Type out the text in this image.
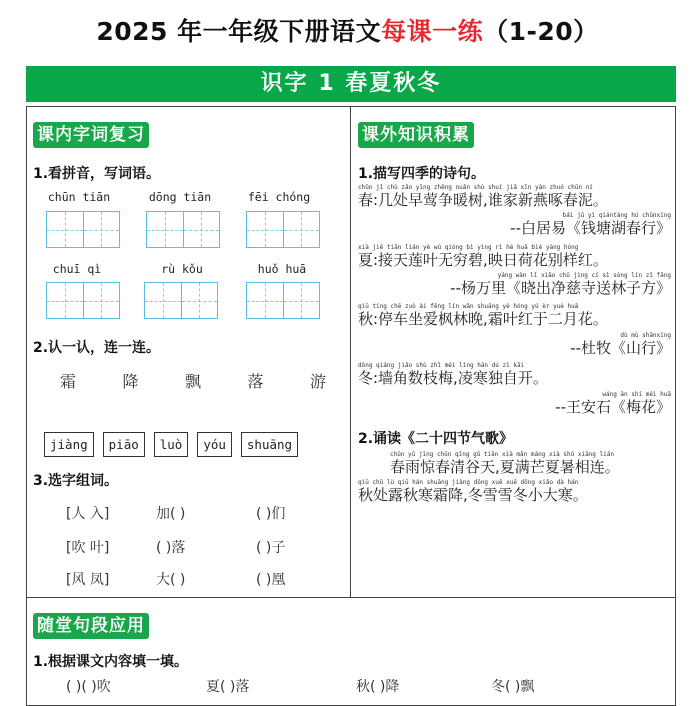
2025 年一年级下册语文每课一练（1-20）
识字 1 春夏秋冬
课内字词复习
1.看拼音，写词语。
chūn tiān	dōng tiān	fēi chóng
chuī qì	rù kǒu	huǒ huā
2.认一认，连一连。
霜	降	飘	落	游
jiàng	piāo	luò	yóu	shuāng
3.选字组词。
[人 入]	加( )	( )们
[吹 叶]	( )落	( )子
[风 凤]	大( )	( )凰
课外知识积累
1.描写四季的诗句。
chūn jǐ chù zǎo yīng zhēng nuǎn shù shuí jiā xīn yàn zhuó chūn ní
春:几处早莺争暖树,谁家新燕啄春泥。
bái jū yì qiántáng hú chūnxíng
--白居易《钱塘湖春行》
xià jiē tiān lián yè wú qióng bì yìng rì hé huā bié yàng hóng
夏:接天莲叶无穷碧,映日荷花别样红。
yáng wàn lǐ xiǎo chū jìng cí sì sòng lín zǐ fāng
--杨万里《晓出净慈寺送林子方》
qiū tíng chē zuò ài fēng lín wǎn shuāng yè hóng yú èr yuè huā
秋:停车坐爱枫林晚,霜叶红于二月花。
dù mù shānxíng
--杜牧《山行》
dōng qiáng jiǎo shù zhī méi líng hán dú zì kāi
冬:墙角数枝梅,凌寒独自开。
wáng ān shí méi huā
--王安石《梅花》
2.诵读《二十四节气歌》
chūn yǔ jīng chūn qīng gǔ tiān xià mǎn máng xià shǔ xiāng lián
春雨惊春清谷天,夏满芒夏暑相连。
qiū chǔ lù qiū hán shuāng jiàng dōng xuě xuě dōng xiǎo dà hán
秋处露秋寒霜降,冬雪雪冬小大寒。
随堂句段应用
1.根据课文内容填一填。
( )( )吹	夏( )落	秋( )降	冬( )飘
